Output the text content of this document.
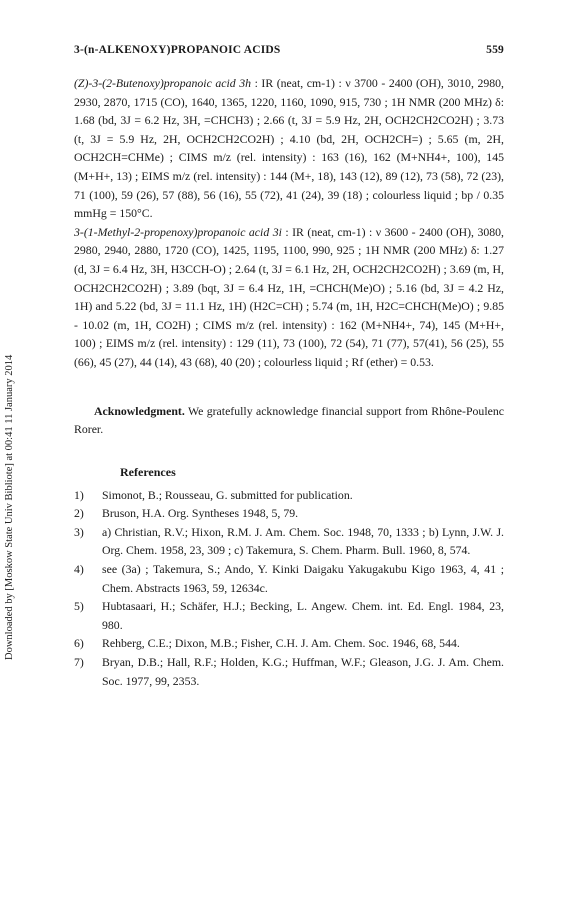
Downloaded by [Moskow State Univ Bibliote] at 00:41 11 January 2014
3-(n-ALKENOXY)PROPANOIC ACIDS	559

(Z)-3-(2-Butenoxy)propanoic acid 3h : IR (neat, cm-1) : ν 3700 - 2400 (OH), 3010, 2980, 2930, 2870, 1715 (CO), 1640, 1365, 1220, 1160, 1090, 915, 730 ; 1H NMR (200 MHz) δ: 1.68 (bd, 3J = 6.2 Hz, 3H, =CHCH3) ; 2.66 (t, 3J = 5.9 Hz, 2H, OCH2CH2CO2H) ; 3.73 (t, 3J = 5.9 Hz, 2H, OCH2CH2CO2H) ; 4.10 (bd, 2H, OCH2CH=) ; 5.65 (m, 2H, OCH2CH=CHMe) ; CIMS m/z (rel. intensity) : 163 (16), 162 (M+NH4+, 100), 145 (M+H+, 13) ; EIMS m/z (rel. intensity) : 144 (M+, 18), 143 (12), 89 (12), 73 (58), 72 (23), 71 (100), 59 (26), 57 (88), 56 (16), 55 (72), 41 (24), 39 (18) ; colourless liquid ; bp / 0.35 mmHg = 150°C.

3-(1-Methyl-2-propenoxy)propanoic acid 3i : IR (neat, cm-1) : ν 3600 - 2400 (OH), 3080, 2980, 2940, 2880, 1720 (CO), 1425, 1195, 1100, 990, 925 ; 1H NMR (200 MHz) δ: 1.27 (d, 3J = 6.4 Hz, 3H, H3CCH-O) ; 2.64 (t, 3J = 6.1 Hz, 2H, OCH2CH2CO2H) ; 3.69 (m, H, OCH2CH2CO2H) ; 3.89 (bqt, 3J = 6.4 Hz, 1H, =CHCH(Me)O) ; 5.16 (bd, 3J = 4.2 Hz, 1H) and 5.22 (bd, 3J = 11.1 Hz, 1H) (H2C=CH) ; 5.74 (m, 1H, H2C=CHCH(Me)O) ; 9.85 - 10.02 (m, 1H, CO2H) ; CIMS m/z (rel. intensity) : 162 (M+NH4+, 74), 145 (M+H+, 100) ; EIMS m/z (rel. intensity) : 129 (11), 73 (100), 72 (54), 71 (77), 57(41), 56 (25), 55 (66), 45 (27), 44 (14), 43 (68), 40 (20) ; colourless liquid ; Rf (ether) = 0.53.

Acknowledgment. We gratefully acknowledge financial support from Rhône-Poulenc Rorer.

References
1)	Simonot, B.; Rousseau, G. submitted for publication.
2)	Bruson, H.A. Org. Syntheses 1948, 5, 79.
3)	a) Christian, R.V.; Hixon, R.M. J. Am. Chem. Soc. 1948, 70, 1333 ; b) Lynn, J.W. J. Org. Chem. 1958, 23, 309 ; c) Takemura, S. Chem. Pharm. Bull. 1960, 8, 574.
4)	see (3a) ; Takemura, S.; Ando, Y. Kinki Daigaku Yakugakubu Kigo 1963, 4, 41 ; Chem. Abstracts 1963, 59, 12634c.
5)	Hubtasaari, H.; Schäfer, H.J.; Becking, L. Angew. Chem. int. Ed. Engl. 1984, 23, 980.
6)	Rehberg, C.E.; Dixon, M.B.; Fisher, C.H. J. Am. Chem. Soc. 1946, 68, 544.
7)	Bryan, D.B.; Hall, R.F.; Holden, K.G.; Huffman, W.F.; Gleason, J.G. J. Am. Chem. Soc. 1977, 99, 2353.
